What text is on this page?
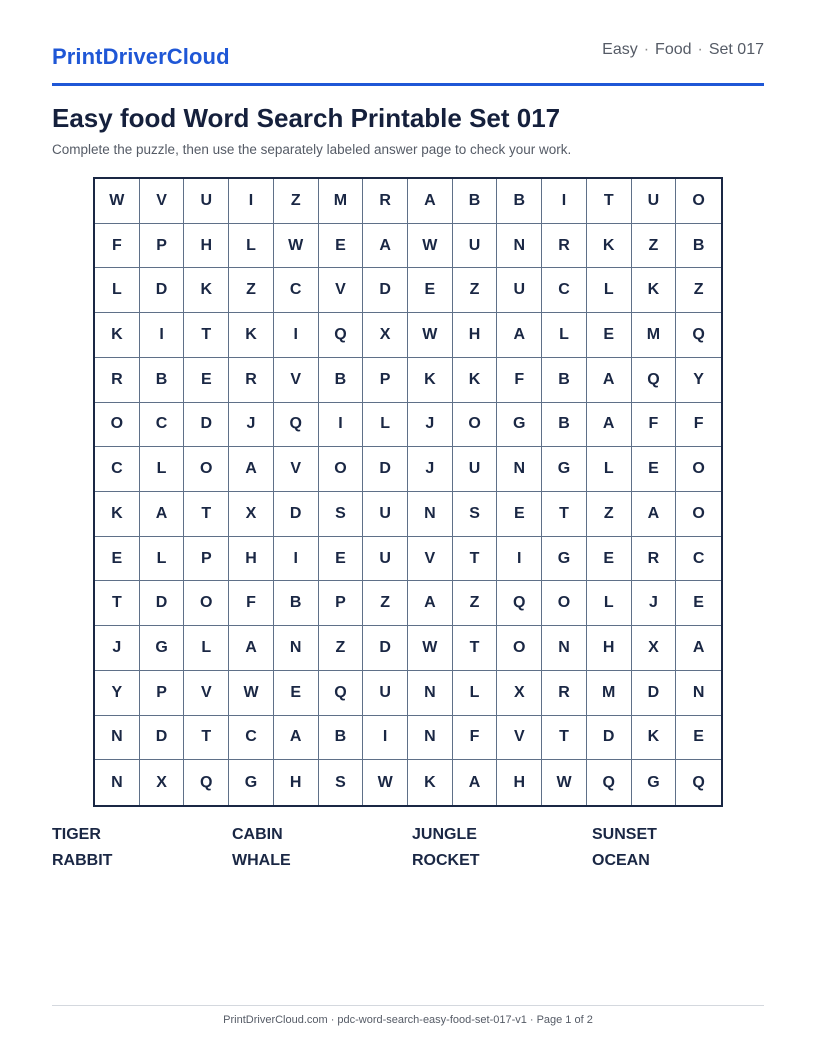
PrintDriverCloud	Easy · Food · Set 017
Easy food Word Search Printable Set 017
Complete the puzzle, then use the separately labeled answer page to check your work.
W	V	U	I	Z	M	R	A	B	B	I	T	U	O
F	P	H	L	W	E	A	W	U	N	R	K	Z	B
L	D	K	Z	C	V	D	E	Z	U	C	L	K	Z
K	I	T	K	I	Q	X	W	H	A	L	E	M	Q
R	B	E	R	V	B	P	K	K	F	B	A	Q	Y
O	C	D	J	Q	I	L	J	O	G	B	A	F	F
C	L	O	A	V	O	D	J	U	N	G	L	E	O
K	A	T	X	D	S	U	N	S	E	T	Z	A	O
E	L	P	H	I	E	U	V	T	I	G	E	R	C
T	D	O	F	B	P	Z	A	Z	Q	O	L	J	E
J	G	L	A	N	Z	D	W	T	O	N	H	X	A
Y	P	V	W	E	Q	U	N	L	X	R	M	D	N
N	D	T	C	A	B	I	N	F	V	T	D	K	E
N	X	Q	G	H	S	W	K	A	H	W	Q	G	Q
TIGER	CABIN	JUNGLE	SUNSET
RABBIT	WHALE	ROCKET	OCEAN
PrintDriverCloud.com · pdc-word-search-easy-food-set-017-v1 · Page 1 of 2
